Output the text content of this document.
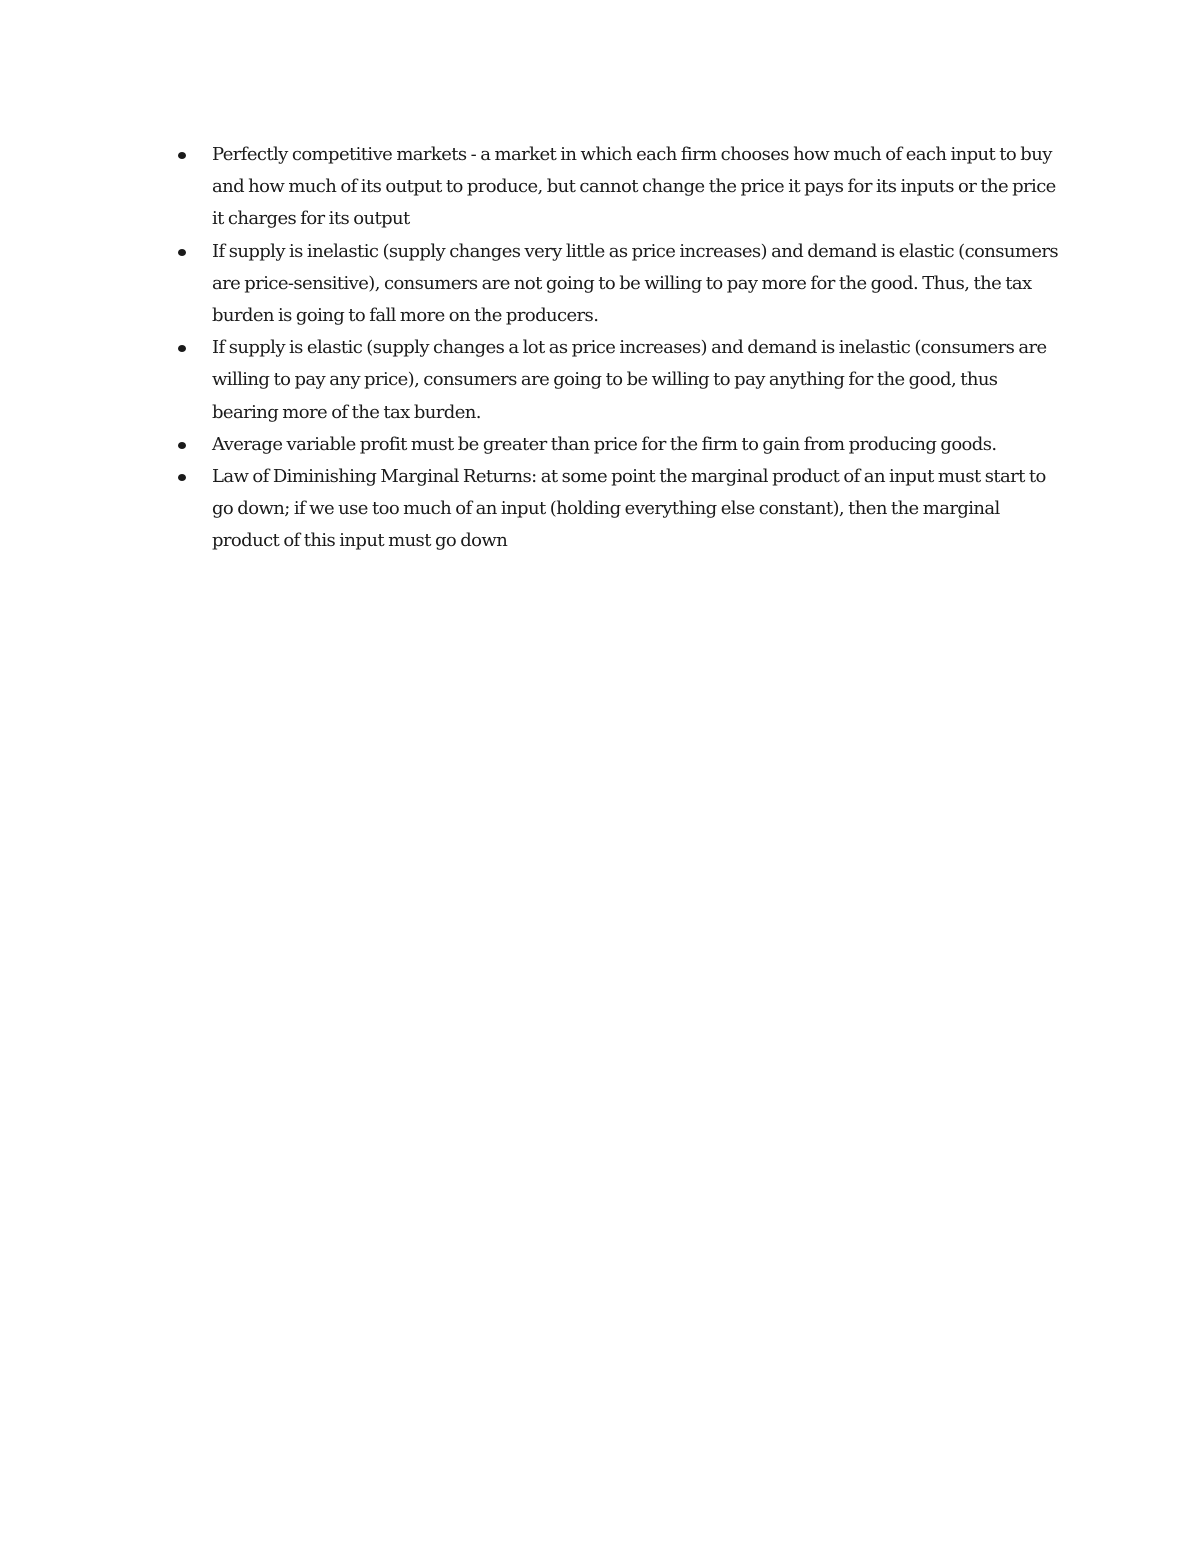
Perfectly competitive markets - a market in which each firm chooses how much of each input to buy and how much of its output to produce, but cannot change the price it pays for its inputs or the price it charges for its output
If supply is inelastic (supply changes very little as price increases) and demand is elastic (consumers are price-sensitive), consumers are not going to be willing to pay more for the good. Thus, the tax burden is going to fall more on the producers.
If supply is elastic (supply changes a lot as price increases) and demand is inelastic (consumers are willing to pay any price), consumers are going to be willing to pay anything for the good, thus bearing more of the tax burden.
Average variable profit must be greater than price for the firm to gain from producing goods.
Law of Diminishing Marginal Returns: at some point the marginal product of an input must start to go down; if we use too much of an input (holding everything else constant), then the marginal product of this input must go down
